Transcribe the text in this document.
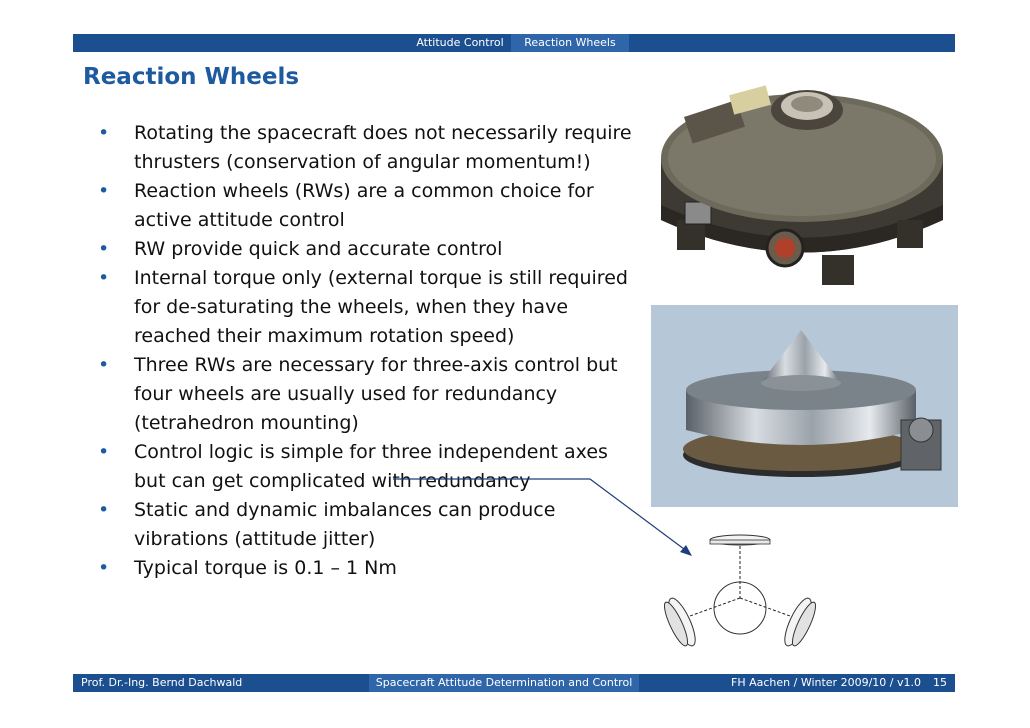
Attitude Control	Reaction Wheels
Reaction Wheels
• Rotating the spacecraft does not necessarily require thrusters (conservation of angular momentum!)
• Reaction wheels (RWs) are a common choice for active attitude control
• RW provide quick and accurate control
• Internal torque only (external torque is still required for de-saturating the wheels, when they have reached their maximum rotation speed)
• Three RWs are necessary for three-axis control but four wheels are usually used for redundancy (tetrahedron mounting)
• Control logic is simple for three independent axes but can get complicated with redundancy
• Static and dynamic imbalances can produce vibrations (attitude jitter)
• Typical torque is 0.1 – 1 Nm
Prof. Dr.-Ing. Bernd Dachwald	Spacecraft Attitude Determination and Control	FH Aachen / Winter 2009/10 / v1.0 15
